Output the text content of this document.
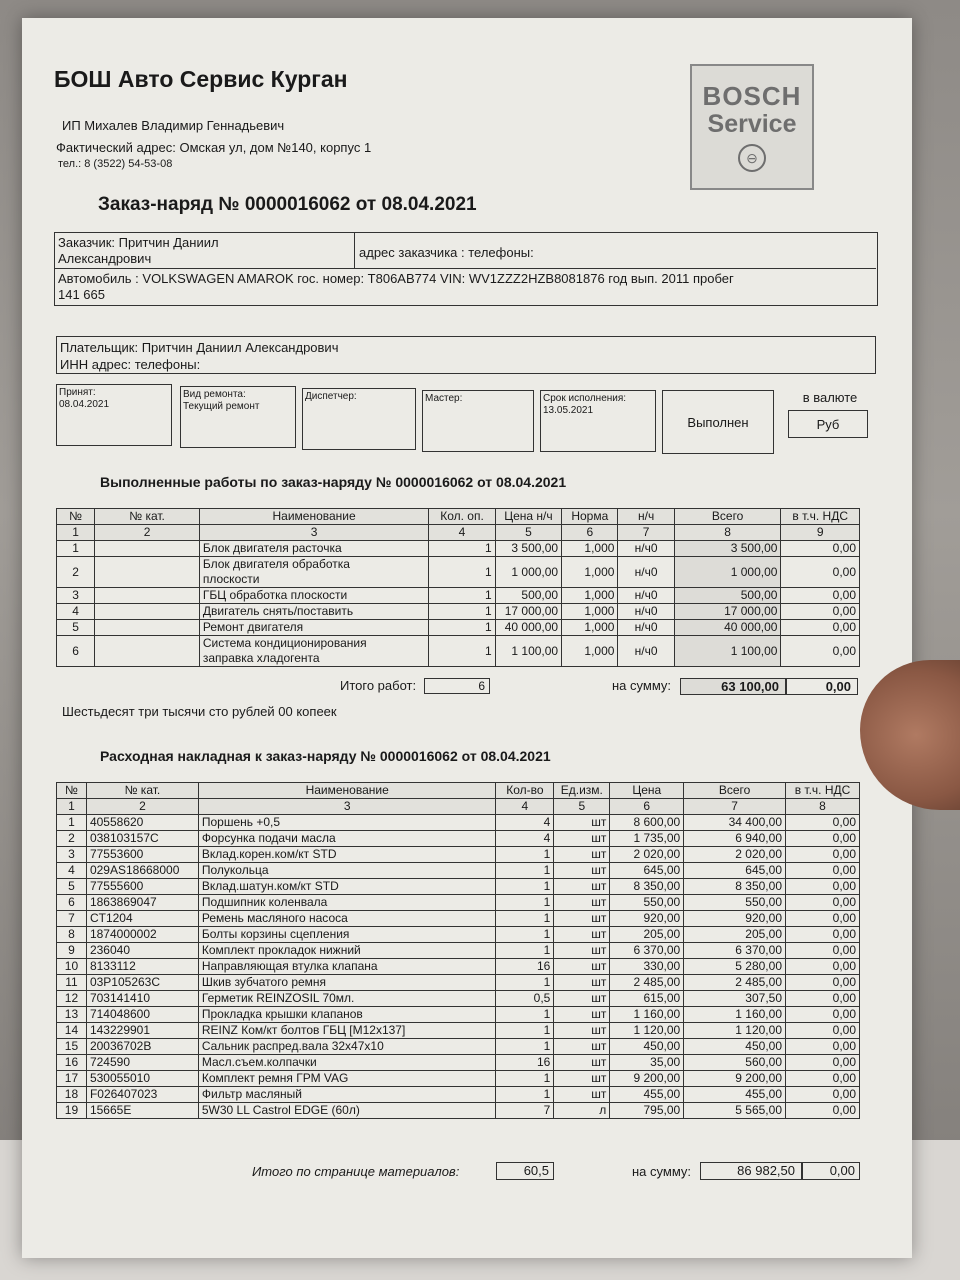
БОШ Авто Сервис Курган
ИП Михалев Владимир Геннадьевич
Фактический адрес: Омская ул, дом №140, корпус 1
тел.: 8 (3522) 54-53-08
BOSCH
Service
⊖
Заказ-наряд № 0000016062 от 08.04.2021
Заказчик: Притчин Даниил
Александрович	адрес заказчика : телефоны:
Автомобиль : VOLKSWAGEN AMAROK гос. номер: Т806АВ774 VIN: WV1ZZZ2HZB8081876 год вып. 2011 пробег
141 665
Плательщик: Притчин Даниил Александрович
ИНН адрес: телефоны:
Принят:
08.04.2021
Вид ремонта:
Текущий ремонт
Диспетчер:	Мастер:	Срок исполнения:
13.05.2021
Выполнен
в валюте
Руб
Выполненные работы по заказ-наряду № 0000016062 от 08.04.2021
№	№ кат.	Наименование	Кол. оп.	Цена н/ч	Норма	н/ч	Всего	в т.ч. НДС
1	2	3	4	5	6	7	8	9
1		Блок двигателя расточка	1	3 500,00	1,000	н/ч0	3 500,00	0,00
2		Блок двигателя обработка
плоскости	1	1 000,00	1,000	н/ч0	1 000,00	0,00
3		ГБЦ обработка плоскости	1	500,00	1,000	н/ч0	500,00	0,00
4		Двигатель снять/поставить	1	17 000,00	1,000	н/ч0	17 000,00	0,00
5		Ремонт двигателя	1	40 000,00	1,000	н/ч0	40 000,00	0,00
6		Система кондиционирования
заправка хладогента	1	1 100,00	1,000	н/ч0	1 100,00	0,00
Итого работ:	6	на сумму:	63 100,00	0,00
Шестьдесят три тысячи сто рублей 00 копеек
Расходная накладная к заказ-наряду № 0000016062 от 08.04.2021
№	№ кат.	Наименование	Кол-во	Ед.изм.	Цена	Всего	в т.ч. НДС
1	2	3	4	5	6	7	8
1	40558620	Поршень +0,5	4	шт	8 600,00	34 400,00	0,00
2	038103157C	Форсунка подачи масла	4	шт	1 735,00	6 940,00	0,00
3	77553600	Вклад.корен.ком/кт STD	1	шт	2 020,00	2 020,00	0,00
4	029AS18668000	Полукольца	1	шт	645,00	645,00	0,00
5	77555600	Вклад.шатун.ком/кт STD	1	шт	8 350,00	8 350,00	0,00
6	1863869047	Подшипник коленвала	1	шт	550,00	550,00	0,00
7	CT1204	Ремень масляного насоса	1	шт	920,00	920,00	0,00
8	1874000002	Болты корзины сцепления	1	шт	205,00	205,00	0,00
9	236040	Комплект прокладок нижний	1	шт	6 370,00	6 370,00	0,00
10	8133112	Направляющая втулка клапана	16	шт	330,00	5 280,00	0,00
11	03P105263C	Шкив зубчатого ремня	1	шт	2 485,00	2 485,00	0,00
12	703141410	Герметик REINZOSIL 70мл.	0,5	шт	615,00	307,50	0,00
13	714048600	Прокладка крышки клапанов	1	шт	1 160,00	1 160,00	0,00
14	143229901	REINZ Ком/кт болтов ГБЦ [М12x137]	1	шт	1 120,00	1 120,00	0,00
15	20036702B	Сальник распред.вала 32x47x10	1	шт	450,00	450,00	0,00
16	724590	Масл.съем.колпачки	16	шт	35,00	560,00	0,00
17	530055010	Комплект ремня ГРМ VAG	1	шт	9 200,00	9 200,00	0,00
18	F026407023	Фильтр масляный	1	шт	455,00	455,00	0,00
19	15665E	5W30 LL Castrol EDGE (60л)	7	л	795,00	5 565,00	0,00
Итого по странице материалов:	60,5	на сумму:	86 982,50	0,00
